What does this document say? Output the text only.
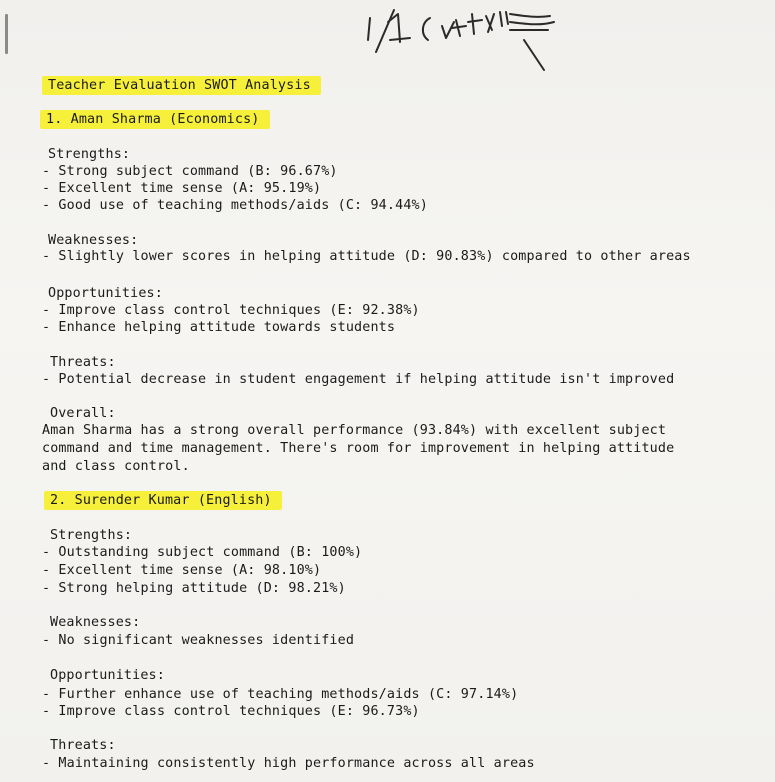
Teacher Evaluation SWOT Analysis
1. Aman Sharma (Economics)
Strengths:
- Strong subject command (B: 96.67%)
- Excellent time sense (A: 95.19%)
- Good use of teaching methods/aids (C: 94.44%)
Weaknesses:
- Slightly lower scores in helping attitude (D: 90.83%) compared to other areas
Opportunities:
- Improve class control techniques (E: 92.38%)
- Enhance helping attitude towards students
Threats:
- Potential decrease in student engagement if helping attitude isn't improved
Overall:
Aman Sharma has a strong overall performance (93.84%) with excellent subject
command and time management. There's room for improvement in helping attitude
and class control.
2. Surender Kumar (English)
Strengths:
- Outstanding subject command (B: 100%)
- Excellent time sense (A: 98.10%)
- Strong helping attitude (D: 98.21%)
Weaknesses:
- No significant weaknesses identified
Opportunities:
- Further enhance use of teaching methods/aids (C: 97.14%)
- Improve class control techniques (E: 96.73%)
Threats:
- Maintaining consistently high performance across all areas
